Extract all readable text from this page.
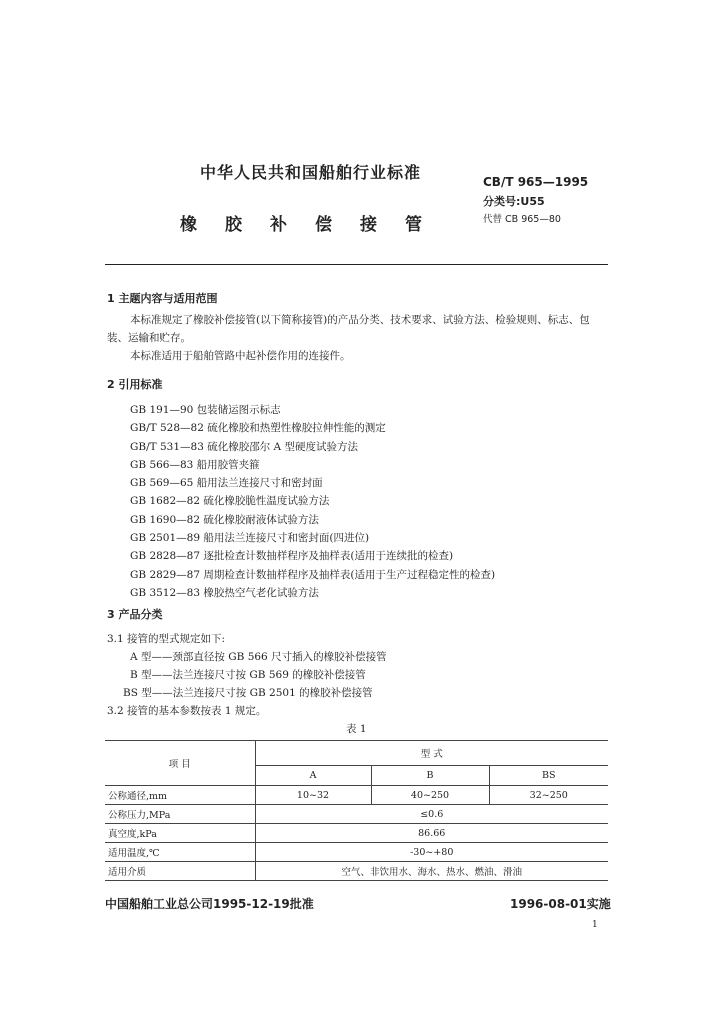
中华人民共和国船舶行业标准
橡胶补偿接管
CB/T 965—1995
分类号:U55
代替 CB 965—80
1 主题内容与适用范围
本标准规定了橡胶补偿接管(以下简称接管)的产品分类、技术要求、试验方法、检验规则、标志、包
装、运输和贮存。
本标准适用于船舶管路中起补偿作用的连接件。
2 引用标准
GB 191—90 包装储运图示标志
GB/T 528—82 硫化橡胶和热塑性橡胶拉伸性能的测定
GB/T 531—83 硫化橡胶邵尔 A 型硬度试验方法
GB 566—83 船用胶管夹箍
GB 569—65 船用法兰连接尺寸和密封面
GB 1682—82 硫化橡胶脆性温度试验方法
GB 1690—82 硫化橡胶耐液体试验方法
GB 2501—89 船用法兰连接尺寸和密封面(四进位)
GB 2828—87 逐批检查计数抽样程序及抽样表(适用于连续批的检查)
GB 2829—87 周期检查计数抽样程序及抽样表(适用于生产过程稳定性的检查)
GB 3512—83 橡胶热空气老化试验方法
3 产品分类
3.1 接管的型式规定如下:
A 型——颈部直径按 GB 566 尺寸插入的橡胶补偿接管
B 型——法兰连接尺寸按 GB 569 的橡胶补偿接管
BS 型——法兰连接尺寸按 GB 2501 的橡胶补偿接管
3.2 接管的基本参数按表 1 规定。
表 1
项 目	型 式		
	A	B	BS
公称通径,mm	10~32	40~250	32~250
公称压力,MPa	≤0.6		
真空度,kPa	86.66		
适用温度,℃	-30~+80		
适用介质	空气、非饮用水、海水、热水、燃油、滑油		
中国船舶工业总公司1995-12-19批准	1996-08-01实施
1
